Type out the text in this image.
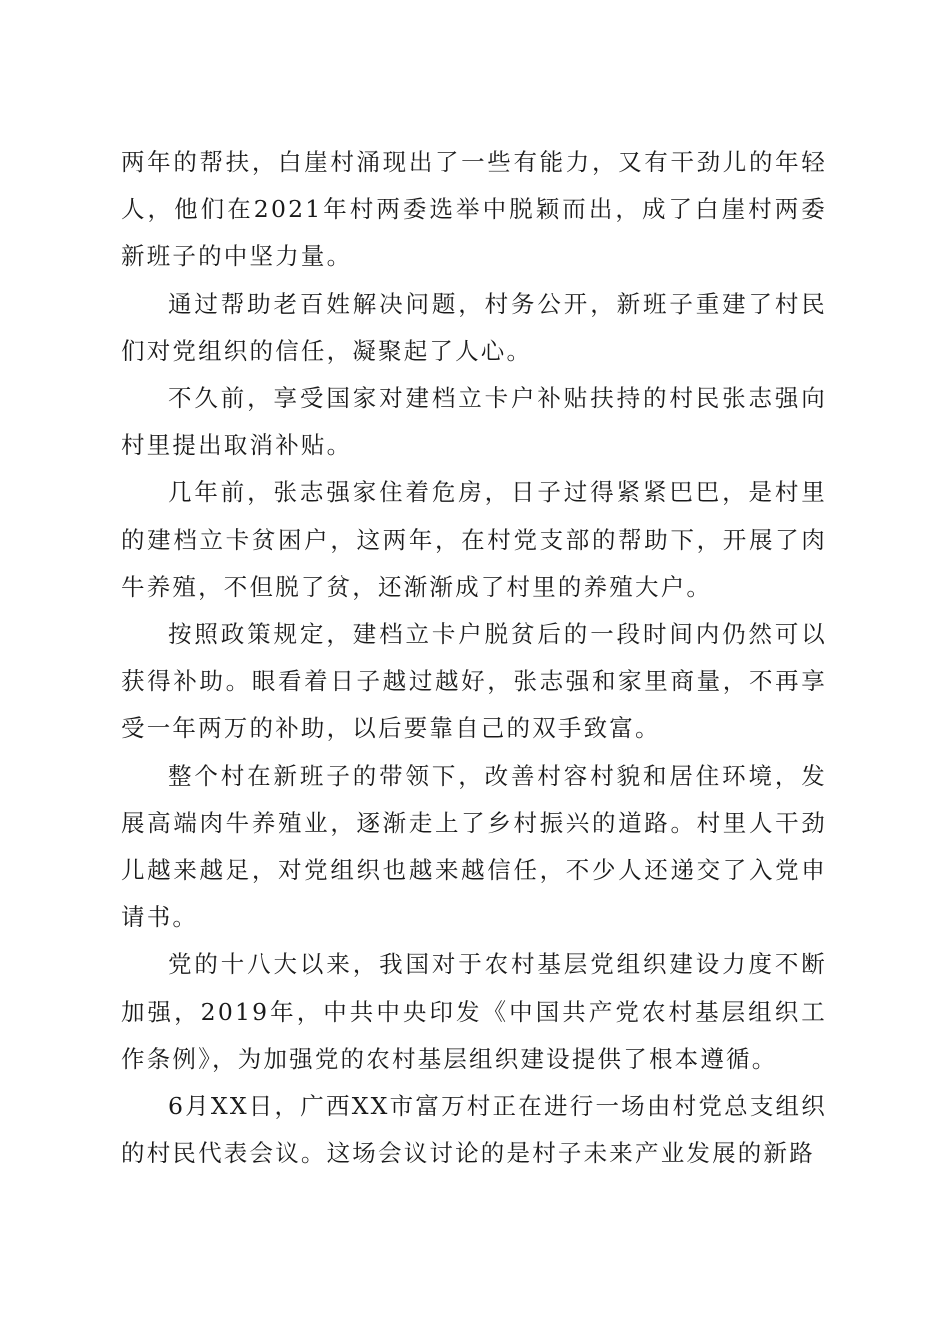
两年的帮扶，白崖村涌现出了一些有能力，又有干劲儿的年轻人，他们在2021年村两委选举中脱颖而出，成了白崖村两委新班子的中坚力量。

通过帮助老百姓解决问题，村务公开，新班子重建了村民们对党组织的信任，凝聚起了人心。

不久前，享受国家对建档立卡户补贴扶持的村民张志强向村里提出取消补贴。

几年前，张志强家住着危房，日子过得紧紧巴巴，是村里的建档立卡贫困户，这两年，在村党支部的帮助下，开展了肉牛养殖，不但脱了贫，还渐渐成了村里的养殖大户。

按照政策规定，建档立卡户脱贫后的一段时间内仍然可以获得补助。眼看着日子越过越好，张志强和家里商量，不再享受一年两万的补助，以后要靠自己的双手致富。

整个村在新班子的带领下，改善村容村貌和居住环境，发展高端肉牛养殖业，逐渐走上了乡村振兴的道路。村里人干劲儿越来越足，对党组织也越来越信任，不少人还递交了入党申请书。

党的十八大以来，我国对于农村基层党组织建设力度不断加强，2019年，中共中央印发《中国共产党农村基层组织工作条例》，为加强党的农村基层组织建设提供了根本遵循。

6月XX日，广西XX市富万村正在进行一场由村党总支组织的村民代表会议。这场会议讨论的是村子未来产业发展的新路
